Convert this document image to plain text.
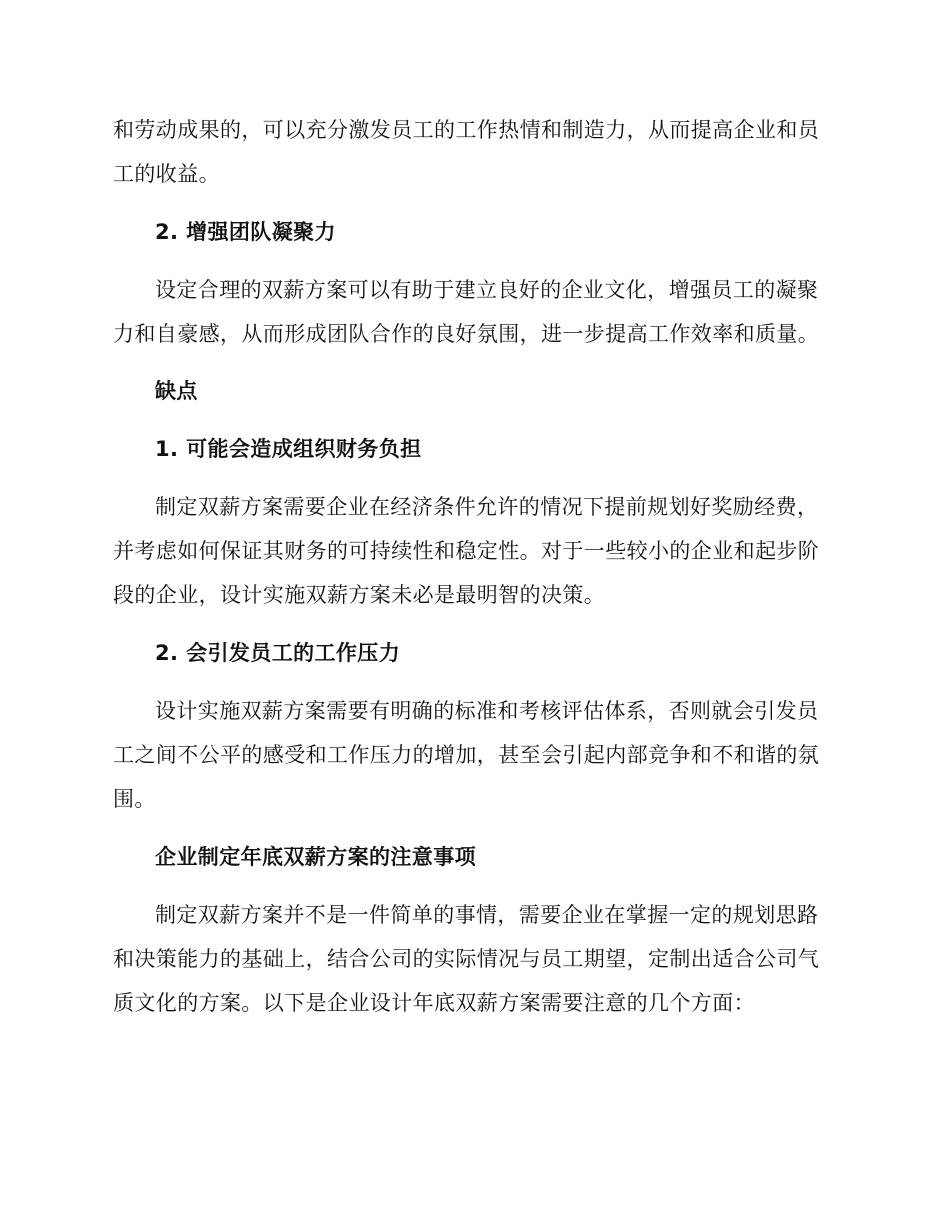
和劳动成果的，可以充分激发员工的工作热情和制造力，从而提高企业和员
工的收益。
2. 增强团队凝聚力
设定合理的双薪方案可以有助于建立良好的企业文化，增强员工的凝聚
力和自豪感，从而形成团队合作的良好氛围，进一步提高工作效率和质量。
缺点
1. 可能会造成组织财务负担
制定双薪方案需要企业在经济条件允许的情况下提前规划好奖励经费，
并考虑如何保证其财务的可持续性和稳定性。对于一些较小的企业和起步阶
段的企业，设计实施双薪方案未必是最明智的决策。
2. 会引发员工的工作压力
设计实施双薪方案需要有明确的标准和考核评估体系，否则就会引发员
工之间不公平的感受和工作压力的增加，甚至会引起内部竞争和不和谐的氛
围。
企业制定年底双薪方案的注意事项
制定双薪方案并不是一件简单的事情，需要企业在掌握一定的规划思路
和决策能力的基础上，结合公司的实际情况与员工期望，定制出适合公司气
质文化的方案。以下是企业设计年底双薪方案需要注意的几个方面：
